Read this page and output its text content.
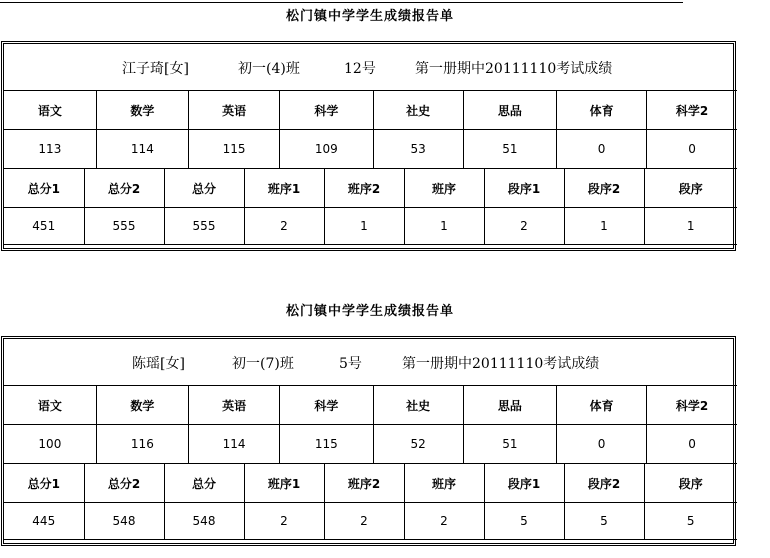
松门镇中学学生成绩报告单
江子琦[女]	初一(4)班	12号	第一册期中20111110考试成绩
语文	数学	英语	科学	社史	思品	体育	科学2
113	114	115	109	53	51	0	0
总分1	总分2	总分	班序1	班序2	班序	段序1	段序2	段序
451	555	555	2	1	1	2	1	1
松门镇中学学生成绩报告单
陈瑶[女]	初一(7)班	5号	第一册期中20111110考试成绩
语文	数学	英语	科学	社史	思品	体育	科学2
100	116	114	115	52	51	0	0
总分1	总分2	总分	班序1	班序2	班序	段序1	段序2	段序
445	548	548	2	2	2	5	5	5
